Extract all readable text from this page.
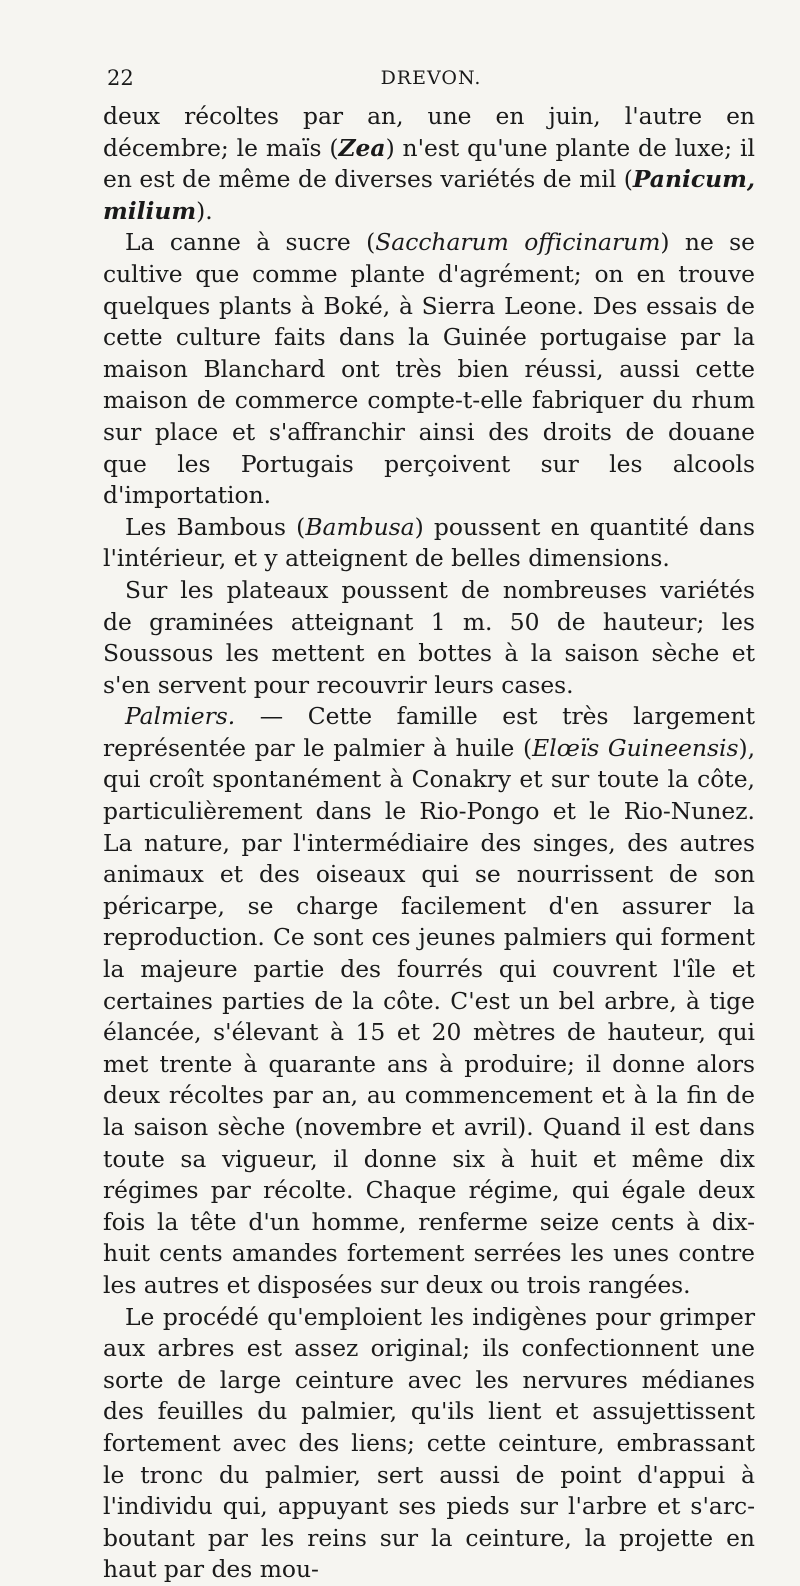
22	DREVON.

deux récoltes par an, une en juin, l'autre en décembre; le maïs (Zea) n'est qu'une plante de luxe; il en est de même de diverses variétés de mil (Panicum, milium).

La canne à sucre (Saccharum officinarum) ne se cultive que comme plante d'agrément; on en trouve quelques plants à Boké, à Sierra Leone. Des essais de cette culture faits dans la Guinée portugaise par la maison Blanchard ont très bien réussi, aussi cette maison de commerce compte-t-elle fabriquer du rhum sur place et s'affranchir ainsi des droits de douane que les Portugais perçoivent sur les alcools d'importation.

Les Bambous (Bambusa) poussent en quantité dans l'intérieur, et y atteignent de belles dimensions.

Sur les plateaux poussent de nombreuses variétés de graminées atteignant 1 m. 50 de hauteur; les Soussous les mettent en bottes à la saison sèche et s'en servent pour recouvrir leurs cases.

Palmiers. — Cette famille est très largement représentée par le palmier à huile (Elœïs Guineensis), qui croît spontanément à Conakry et sur toute la côte, particulièrement dans le Rio-Pongo et le Rio-Nunez. La nature, par l'intermédiaire des singes, des autres animaux et des oiseaux qui se nourrissent de son péricarpe, se charge facilement d'en assurer la reproduction. Ce sont ces jeunes palmiers qui forment la majeure partie des fourrés qui couvrent l'île et certaines parties de la côte. C'est un bel arbre, à tige élancée, s'élevant à 15 et 20 mètres de hauteur, qui met trente à quarante ans à produire; il donne alors deux récoltes par an, au commencement et à la fin de la saison sèche (novembre et avril). Quand il est dans toute sa vigueur, il donne six à huit et même dix régimes par récolte. Chaque régime, qui égale deux fois la tête d'un homme, renferme seize cents à dix-huit cents amandes fortement serrées les unes contre les autres et disposées sur deux ou trois rangées.

Le procédé qu'emploient les indigènes pour grimper aux arbres est assez original; ils confectionnent une sorte de large ceinture avec les nervures médianes des feuilles du palmier, qu'ils lient et assujettissent fortement avec des liens; cette ceinture, embrassant le tronc du palmier, sert aussi de point d'appui à l'individu qui, appuyant ses pieds sur l'arbre et s'arc-boutant par les reins sur la ceinture, la projette en haut par des mou-
